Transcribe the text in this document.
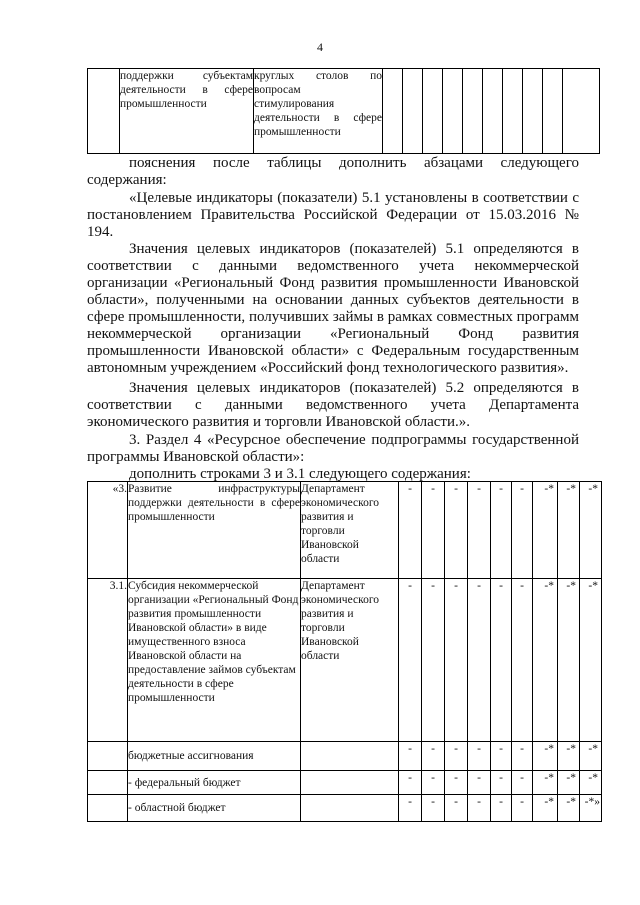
4
	поддержки субъектам деятельности в сфере промышленности	круглых столов по вопросам стимулирования деятельности в сфере промышленности										
пояснения после таблицы дополнить абзацами следующего содержания:
«Целевые индикаторы (показатели) 5.1 установлены в соответствии с постановлением Правительства Российской Федерации от 15.03.2016 № 194.
Значения целевых индикаторов (показателей) 5.1 определяются в соответствии с данными ведомственного учета некоммерческой организации «Региональный Фонд развития промышленности Ивановской области», полученными на основании данных субъектов деятельности в сфере промышленности, получивших займы в рамках совместных программ некоммерческой организации «Региональный Фонд развития промышленности Ивановской области» с Федеральным государственным автономным учреждением «Российский фонд технологического развития».
Значения целевых индикаторов (показателей) 5.2 определяются в соответствии с данными ведомственного учета Департамента экономического развития и торговли Ивановской области.».
3. Раздел 4 «Ресурсное обеспечение подпрограммы государственной программы Ивановской области»:
дополнить строками 3 и 3.1 следующего содержания:
«3.	Развитие инфраструктуры поддержки деятельности в сфере промышленности	Департамент экономического развития и торговли Ивановской области	-	-	-	-	-	-	-*	-*	-*
3.1.	Субсидия некоммерческой организации «Региональный Фонд развития промышленности Ивановской области» в виде имущественного взноса Ивановской области на предоставление займов субъектам деятельности в сфере промышленности	Департамент экономического развития и торговли Ивановской области	-	-	-	-	-	-	-*	-*	-*
	бюджетные ассигнования		-	-	-	-	-	-	-*	-*	-*
	- федеральный бюджет		-	-	-	-	-	-	-*	-*	-*
	- областной бюджет		-	-	-	-	-	-	-*	-*	-*»
